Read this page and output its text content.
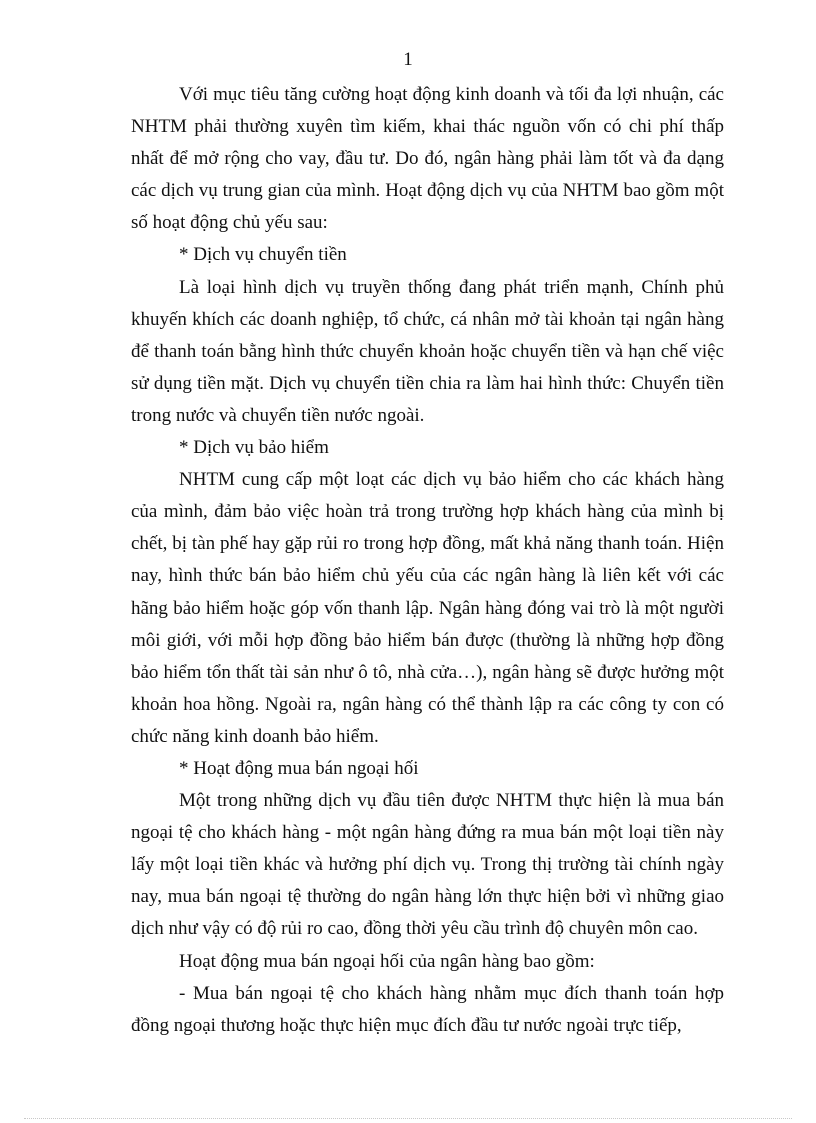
1

Với mục tiêu tăng cường hoạt động kinh doanh và tối đa lợi nhuận, các NHTM phải thường xuyên tìm kiếm, khai thác nguồn vốn có chi phí thấp nhất để mở rộng cho vay, đầu tư. Do đó, ngân hàng phải làm tốt và đa dạng các dịch vụ trung gian của mình. Hoạt động dịch vụ của NHTM bao gồm một số hoạt động chủ yếu sau:

* Dịch vụ chuyển tiền

Là loại hình dịch vụ truyền thống đang phát triển mạnh, Chính phủ khuyến khích các doanh nghiệp, tổ chức, cá nhân mở tài khoản tại ngân hàng để thanh toán bằng hình thức chuyển khoản hoặc chuyển tiền và hạn chế việc sử dụng tiền mặt. Dịch vụ chuyển tiền chia ra làm hai hình thức: Chuyển tiền trong nước và chuyển tiền nước ngoài.

* Dịch vụ bảo hiểm

NHTM cung cấp một loạt các dịch vụ bảo hiểm cho các khách hàng của mình, đảm bảo việc hoàn trả trong trường hợp khách hàng của mình bị chết, bị tàn phế hay gặp rủi ro trong hợp đồng, mất khả năng thanh toán. Hiện nay, hình thức bán bảo hiểm chủ yếu của các ngân hàng là liên kết với các hãng bảo hiểm hoặc góp vốn thanh lập. Ngân hàng đóng vai trò là một người môi giới, với mỗi hợp đồng bảo hiểm bán được (thường là những hợp đồng bảo hiểm tổn thất tài sản như ô tô, nhà cửa…), ngân hàng sẽ được hưởng một khoản hoa hồng. Ngoài ra, ngân hàng có thể thành lập ra các công ty con có chức năng kinh doanh bảo hiểm.

* Hoạt động mua bán ngoại hối

Một trong những dịch vụ đầu tiên được NHTM thực hiện là mua bán ngoại tệ cho khách hàng - một ngân hàng đứng ra mua bán một loại tiền này lấy một loại tiền khác và hưởng phí dịch vụ. Trong thị trường tài chính ngày nay, mua bán ngoại tệ thường do ngân hàng lớn thực hiện bởi vì những giao dịch như vậy có độ rủi ro cao, đồng thời yêu cầu trình độ chuyên môn cao.

Hoạt động mua bán ngoại hối của ngân hàng bao gồm:

- Mua bán ngoại tệ cho khách hàng nhằm mục đích thanh toán hợp đồng ngoại thương hoặc thực hiện mục đích đầu tư nước ngoài trực tiếp,
